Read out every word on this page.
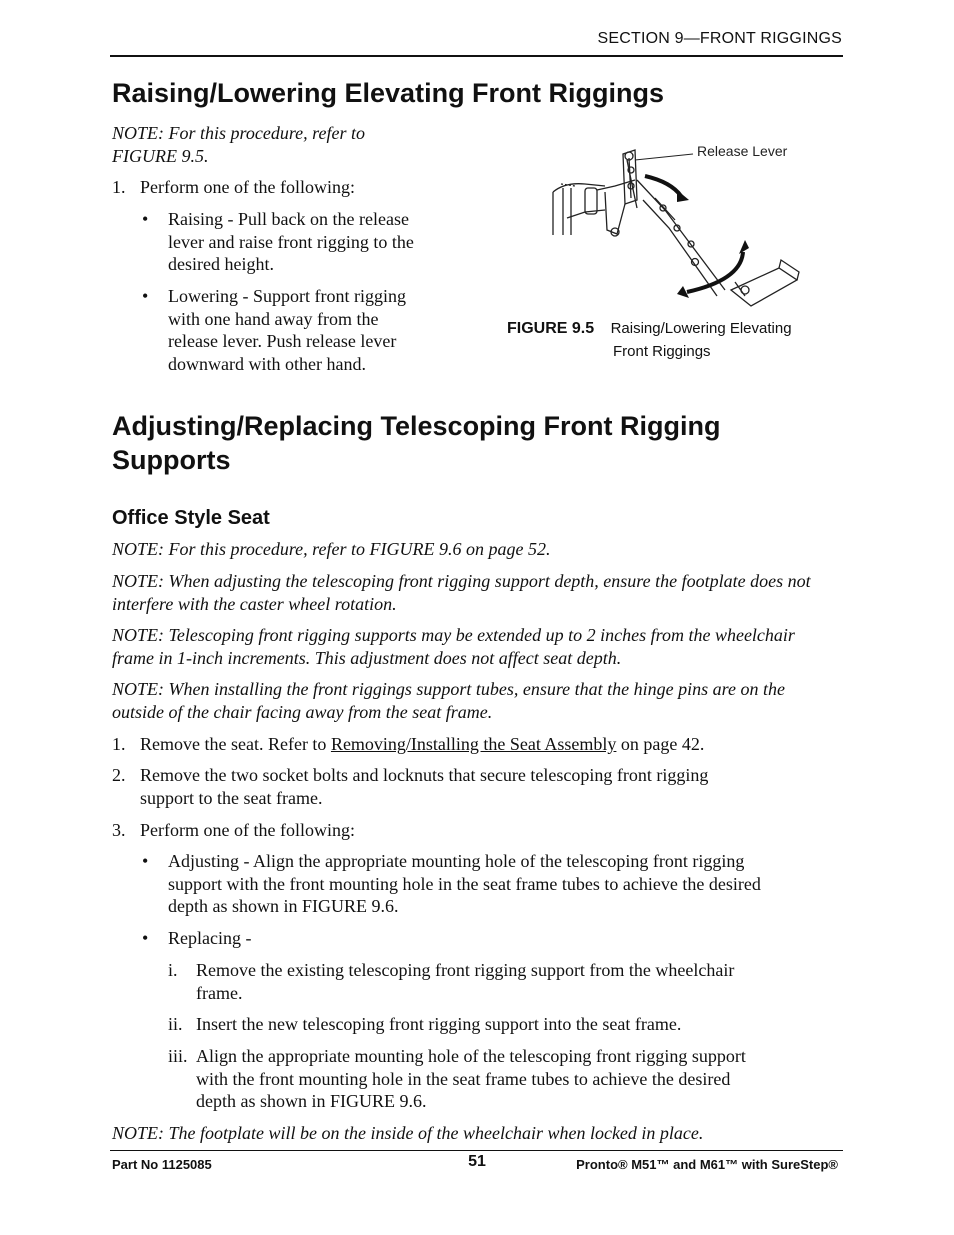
SECTION 9—FRONT RIGGINGS
Raising/Lowering Elevating Front Riggings
NOTE: For this procedure, refer to
FIGURE 9.5.
1. Perform one of the following:
•	Raising - Pull back on the release
lever and raise front rigging to the
desired height.
•	Lowering - Support front rigging
with one hand away from the
release lever. Push release lever
downward with other hand.
Release Lever
FIGURE 9.5 Raising/Lowering Elevating
Front Riggings
Adjusting/Replacing Telescoping Front Rigging
Supports
Office Style Seat
NOTE: For this procedure, refer to FIGURE 9.6 on page 52.
NOTE: When adjusting the telescoping front rigging support depth, ensure the footplate does not
interfere with the caster wheel rotation.
NOTE: Telescoping front rigging supports may be extended up to 2 inches from the wheelchair
frame in 1-inch increments. This adjustment does not affect seat depth.
NOTE: When installing the front riggings support tubes, ensure that the hinge pins are on the
outside of the chair facing away from the seat frame.
1. Remove the seat. Refer to Removing/Installing the Seat Assembly on page 42.
2. Remove the two socket bolts and locknuts that secure telescoping front rigging
support to the seat frame.
3. Perform one of the following:
•	Adjusting - Align the appropriate mounting hole of the telescoping front rigging
support with the front mounting hole in the seat frame tubes to achieve the desired
depth as shown in FIGURE 9.6.
•	Replacing -
i. Remove the existing telescoping front rigging support from the wheelchair
frame.
ii. Insert the new telescoping front rigging support into the seat frame.
iii. Align the appropriate mounting hole of the telescoping front rigging support
with the front mounting hole in the seat frame tubes to achieve the desired
depth as shown in FIGURE 9.6.
NOTE: The footplate will be on the inside of the wheelchair when locked in place.
Part No 1125085	51	Pronto® M51™ and M61™ with SureStep®
